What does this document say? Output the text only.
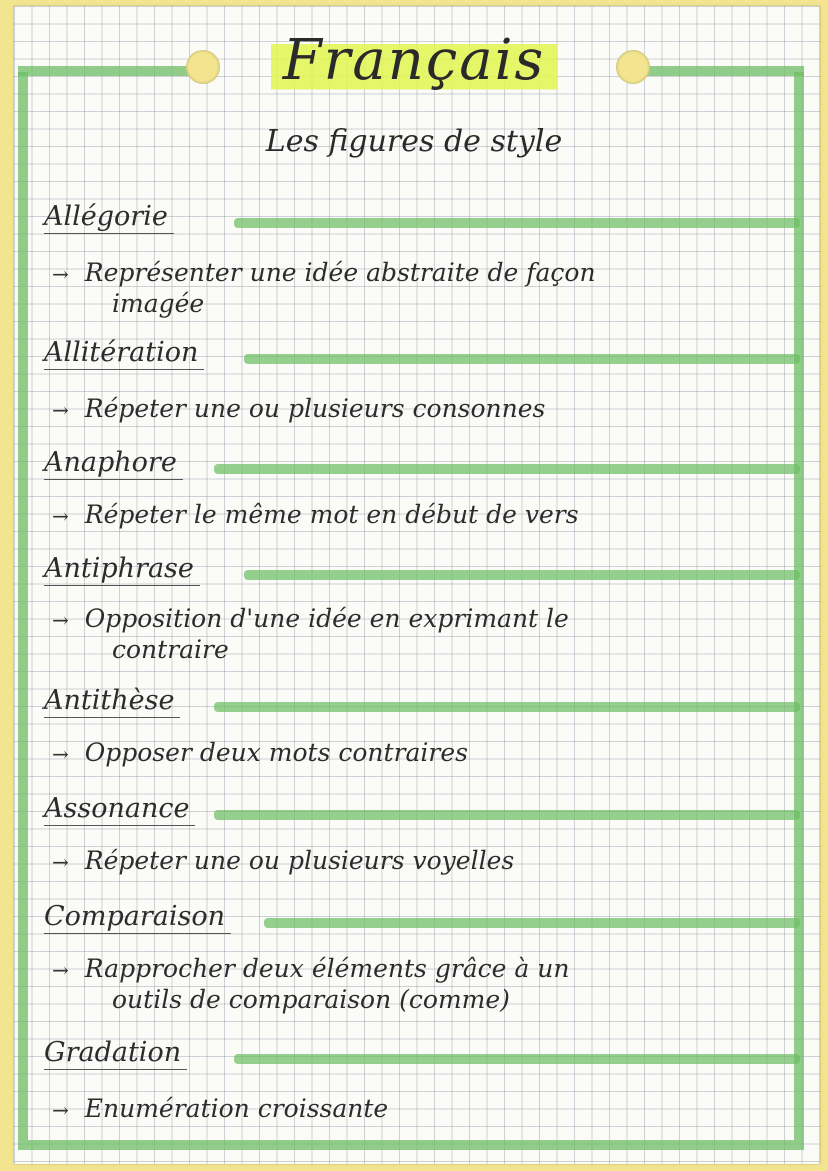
Français
Les figures de style
Allégorie
→ Représenter une idée abstraite de façon
imagée
Allitération
→ Répeter une ou plusieurs consonnes
Anaphore
→ Répeter le même mot en début de vers
Antiphrase
→ Opposition d'une idée en exprimant le
contraire
Antithèse
→ Opposer deux mots contraires
Assonance
→ Répeter une ou plusieurs voyelles
Comparaison
→ Rapprocher deux éléments grâce à un
outils de comparaison (comme)
Gradation
→ Enumération croissante
